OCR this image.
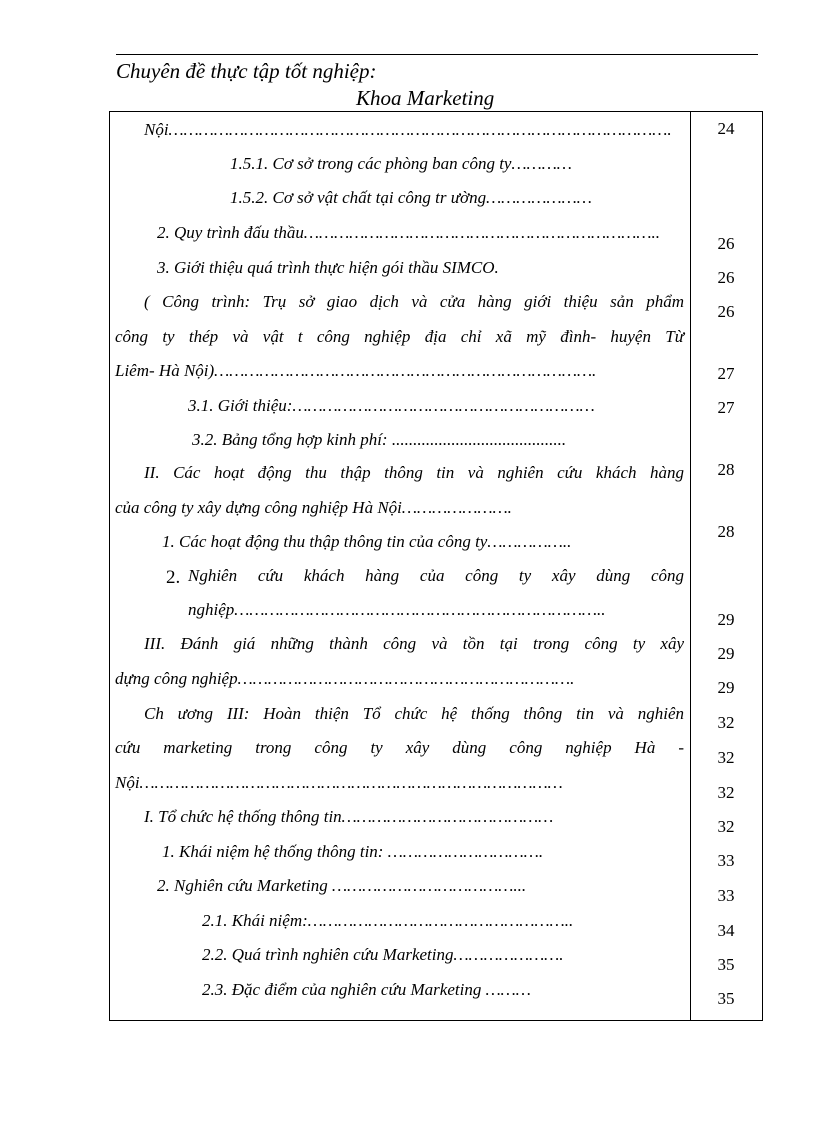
Chuyên đề thực tập tốt nghiệp:
Khoa Marketing
Nội……………………………………………………………………………………….
1.5.1. Cơ sở trong các phòng ban công ty…………
1.5.2. Cơ sở vật chất tại công tr ường…………………
2. Quy trình đấu thầu……………………………………………………………..
3. Giới thiệu quá trình thực hiện gói thầu SIMCO.
( Công trình: Trụ sở giao dịch và cửa hàng giới thiệu sản phẩm
công ty thép và vật t công nghiệp địa chỉ xã mỹ đình- huyện Từ
Liêm- Hà Nội)………………………………………………………………….
3.1. Giới thiệu:……………………………………………………
3.2. Bảng tổng hợp kinh phí: .........................................
II. Các hoạt động thu thập thông tin và nghiên cứu khách hàng
của công ty xây dựng công nghiệp Hà Nội………………….
1. Các hoạt động thu thập thông tin của công ty……………..
2. Nghiên cứu khách hàng của công ty xây dùng công
nghiệp………………………………………………………………..
III. Đánh giá những thành công và tồn tại trong công ty xây
dựng công nghiệp………………………………………………………….
Ch ương III: Hoàn thiện Tổ chức hệ thống thông tin và nghiên
cứu marketing trong công ty xây dùng công nghiệp Hà -
Nội…………………………………………………………………………
I. Tổ chức hệ thống thông tin……………………………………
1. Khái niệm hệ thống thông tin: ………………………….
2. Nghiên cứu Marketing ………………………………...
2.1. Khái niệm:……………………………………………..
2.2. Quá trình nghiên cứu Marketing………………….
2.3. Đặc điểm của nghiên cứu Marketing ………
24
26
26
26
27
27
28
28
29
29
29
32
32
32
32
33
33
34
35
35
